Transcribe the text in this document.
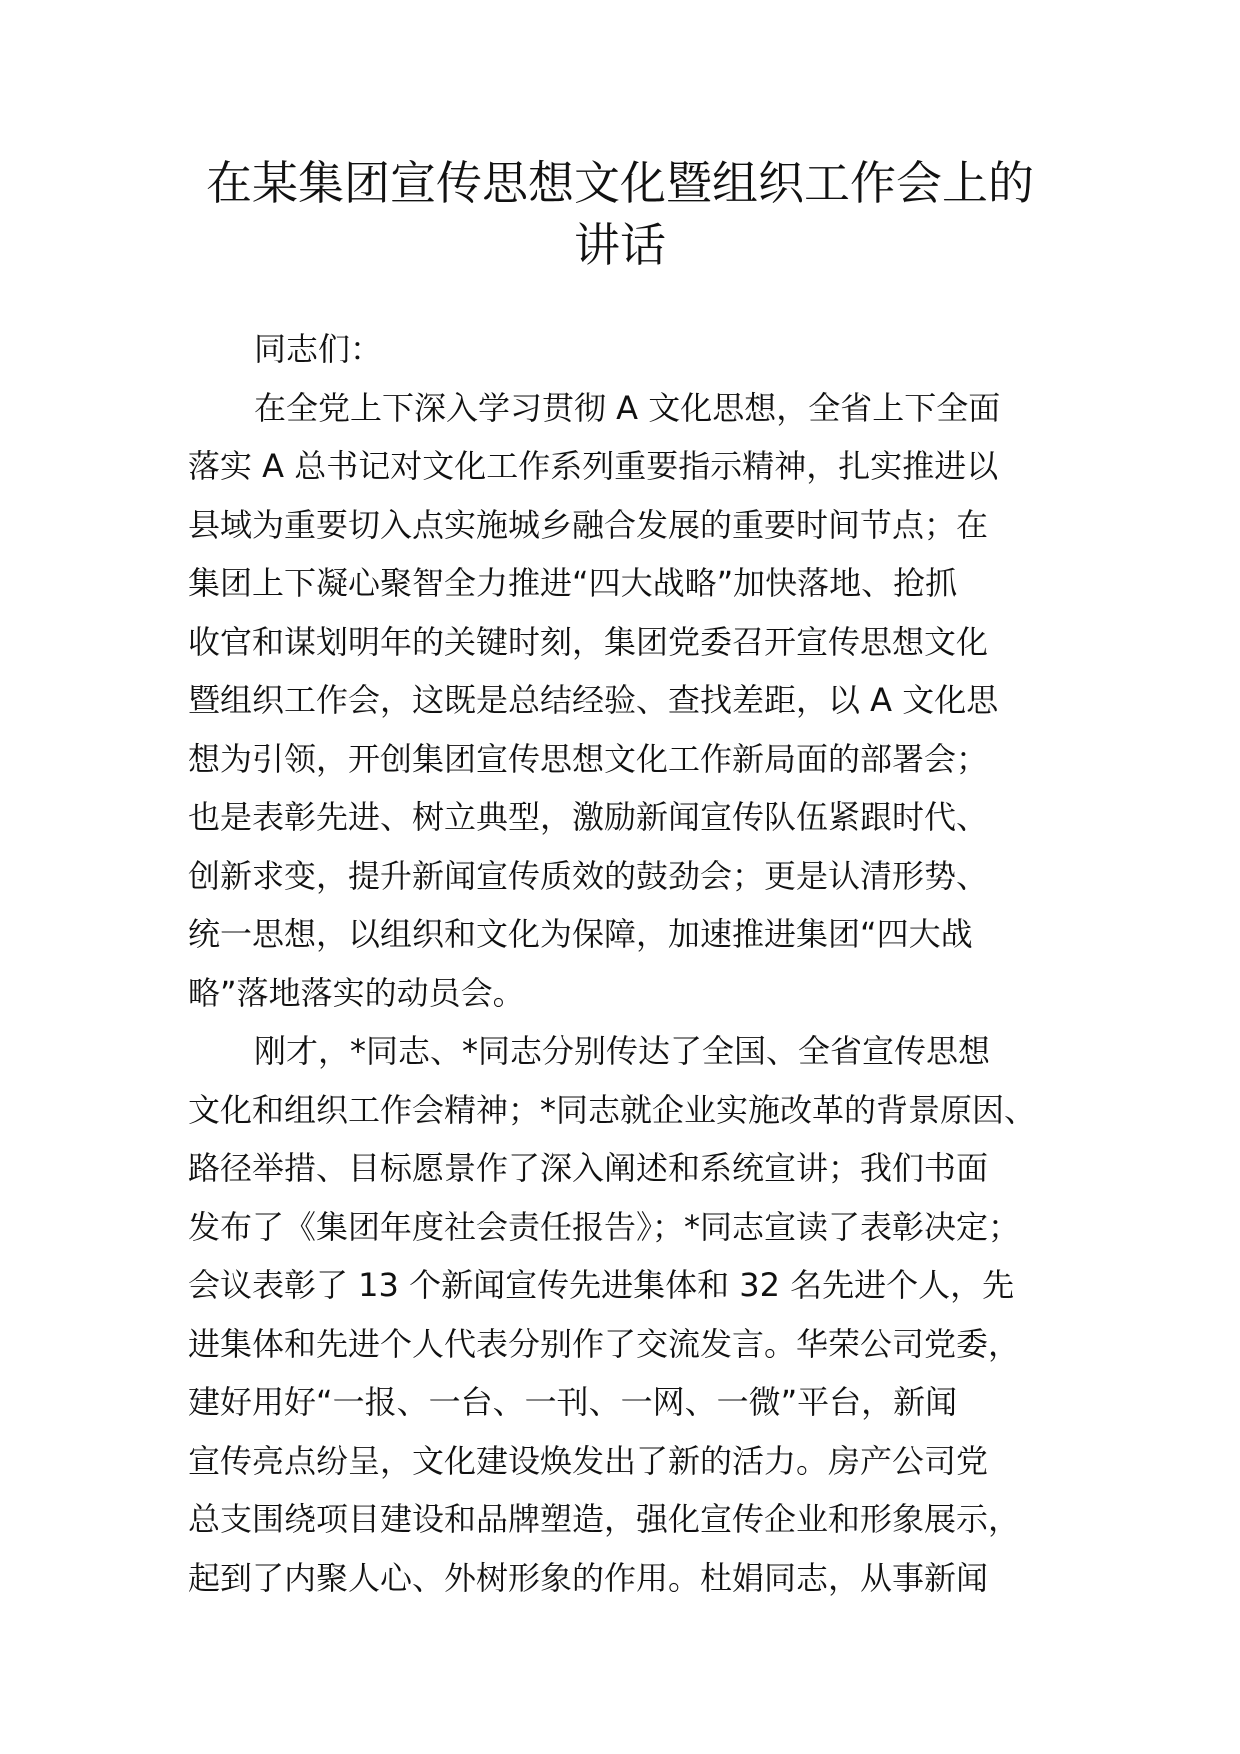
在某集团宣传思想文化暨组织工作会上的
讲话
同志们：
在全党上下深入学习贯彻 A 文化思想，全省上下全面
落实 A 总书记对文化工作系列重要指示精神，扎实推进以
县域为重要切入点实施城乡融合发展的重要时间节点；在
集团上下凝心聚智全力推进“四大战略”加快落地、抢抓
收官和谋划明年的关键时刻，集团党委召开宣传思想文化
暨组织工作会，这既是总结经验、查找差距，以 A 文化思
想为引领，开创集团宣传思想文化工作新局面的部署会；
也是表彰先进、树立典型，激励新闻宣传队伍紧跟时代、
创新求变，提升新闻宣传质效的鼓劲会；更是认清形势、
统一思想，以组织和文化为保障，加速推进集团“四大战
略”落地落实的动员会。
刚才，*同志、*同志分别传达了全国、全省宣传思想
文化和组织工作会精神；*同志就企业实施改革的背景原因、
路径举措、目标愿景作了深入阐述和系统宣讲；我们书面
发布了《集团年度社会责任报告》；*同志宣读了表彰决定；
会议表彰了 13 个新闻宣传先进集体和 32 名先进个人，先
进集体和先进个人代表分别作了交流发言。华荣公司党委，
建好用好“一报、一台、一刊、一网、一微”平台，新闻
宣传亮点纷呈，文化建设焕发出了新的活力。房产公司党
总支围绕项目建设和品牌塑造，强化宣传企业和形象展示，
起到了内聚人心、外树形象的作用。杜娟同志，从事新闻
